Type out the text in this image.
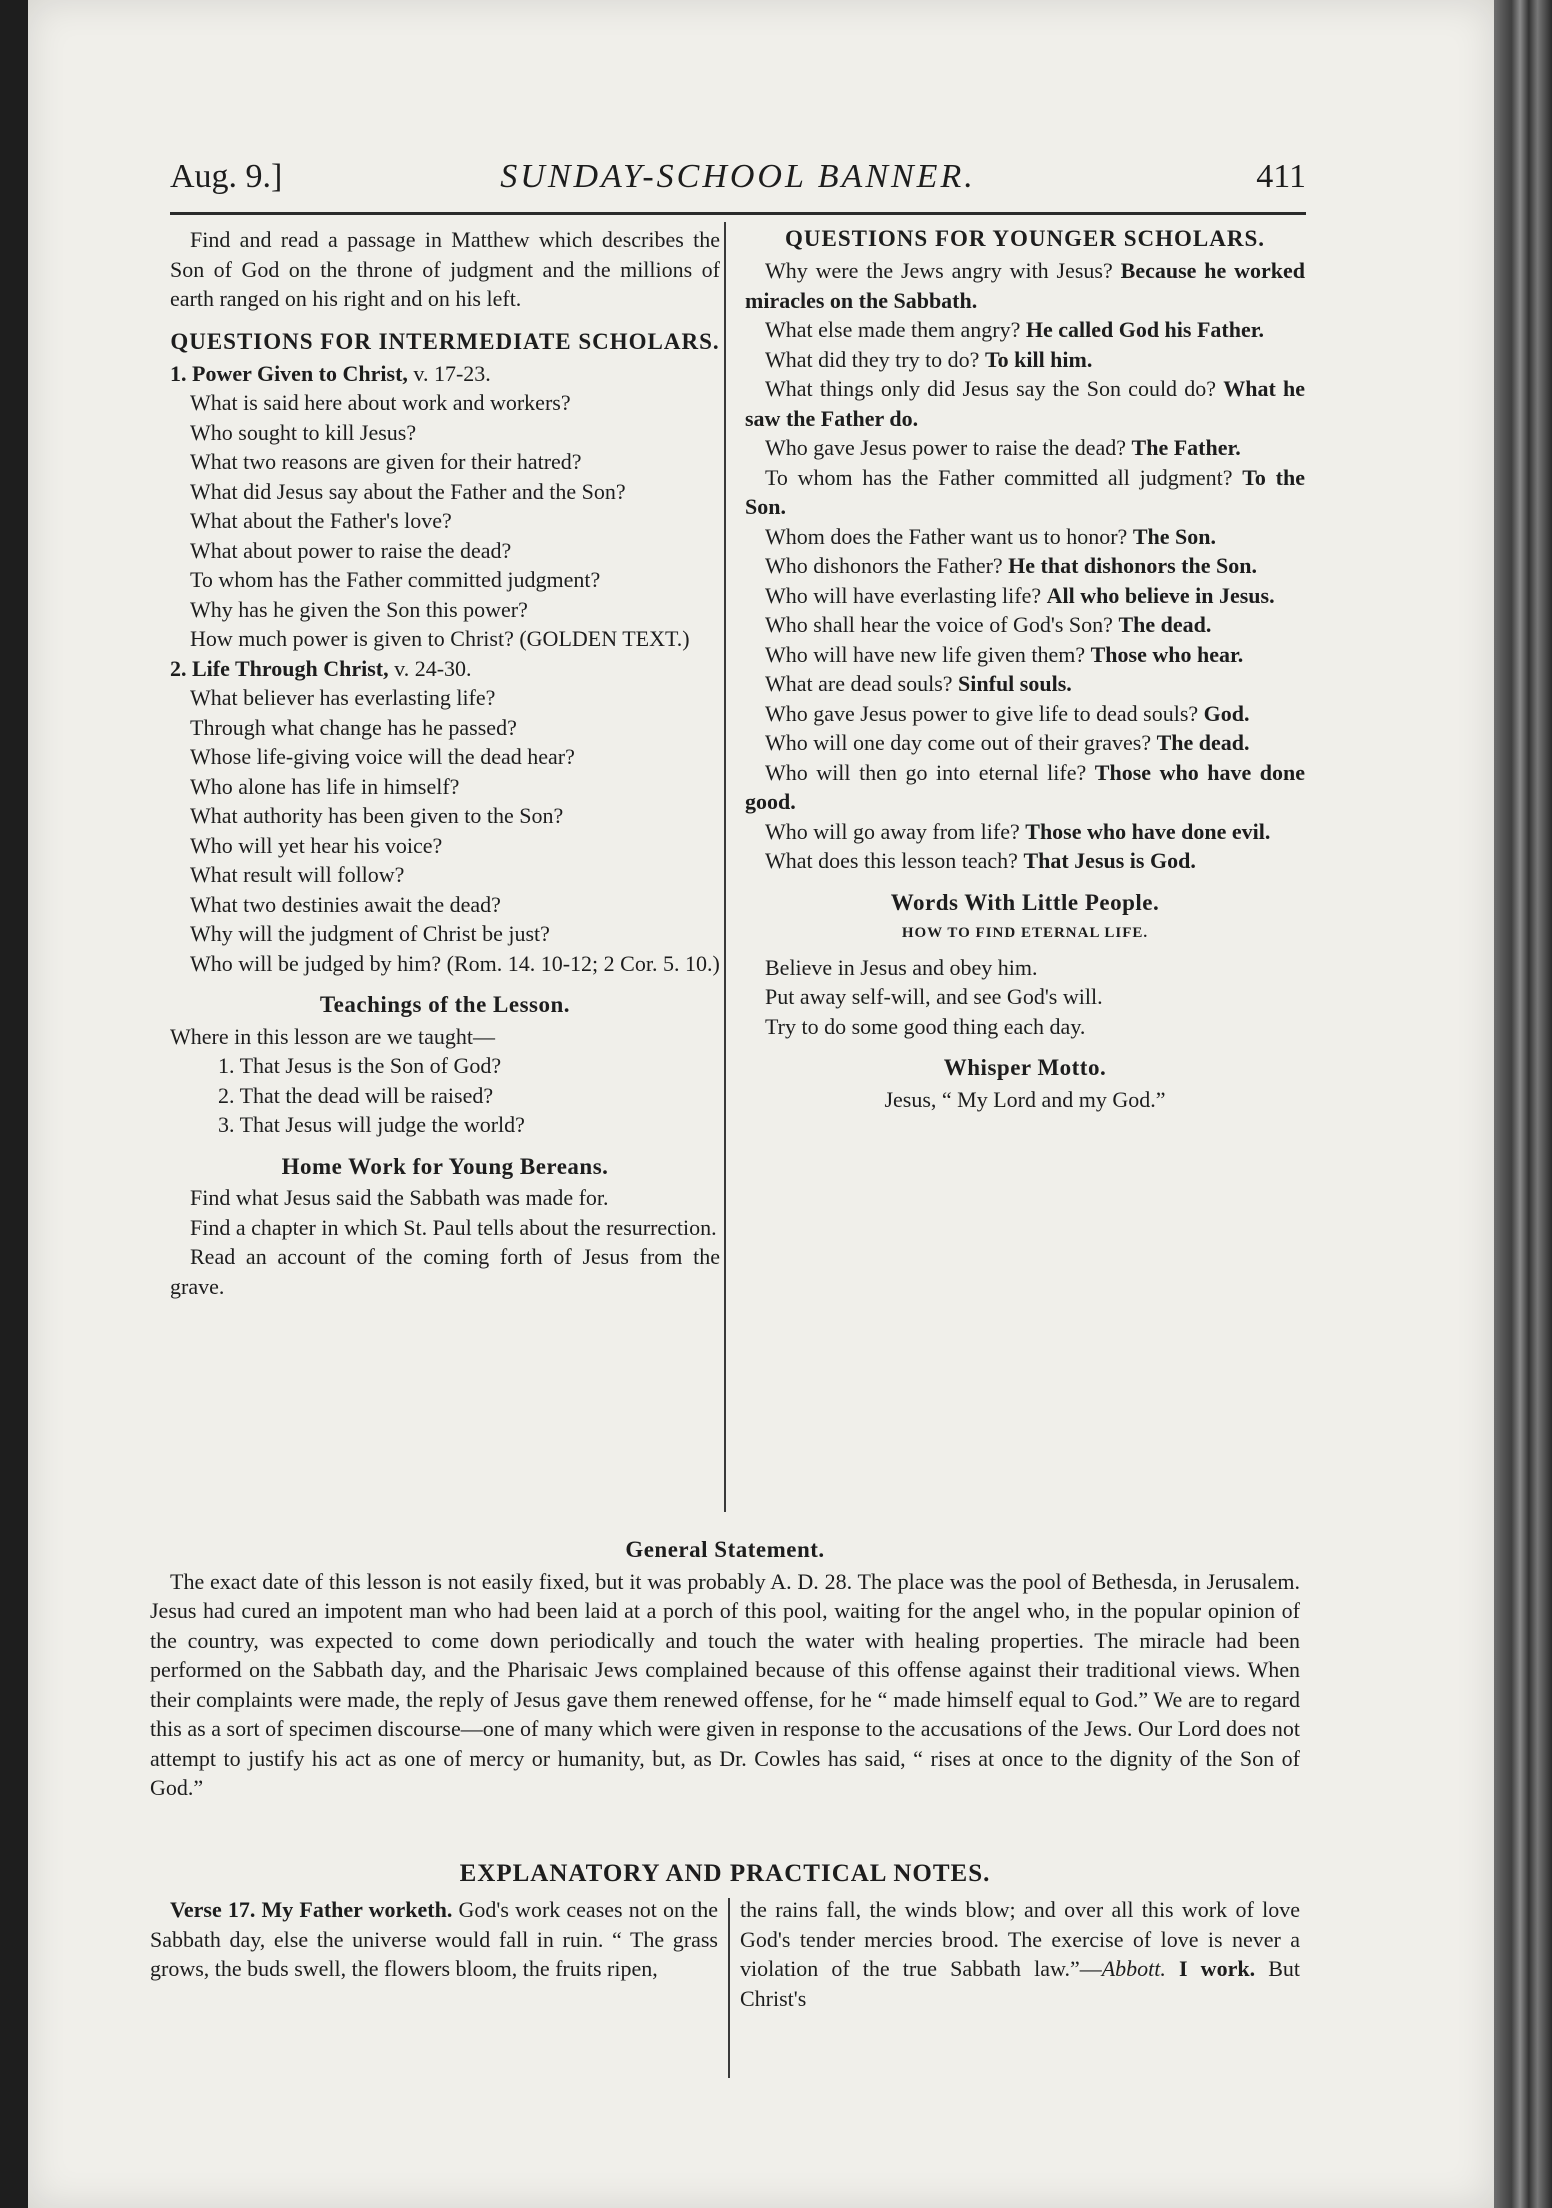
Aug. 9.]	SUNDAY-SCHOOL BANNER.	411

Find and read a passage in Matthew which describes the Son of God on the throne of judgment and the millions of earth ranged on his right and on his left.

QUESTIONS FOR INTERMEDIATE SCHOLARS.

1. Power Given to Christ, v. 17-23.

What is said here about work and workers?

Who sought to kill Jesus?

What two reasons are given for their hatred?

What did Jesus say about the Father and the Son?

What about the Father's love?

What about power to raise the dead?

To whom has the Father committed judgment?

Why has he given the Son this power?

How much power is given to Christ? (GOLDEN TEXT.)

2. Life Through Christ, v. 24-30.

What believer has everlasting life?

Through what change has he passed?

Whose life-giving voice will the dead hear?

Who alone has life in himself?

What authority has been given to the Son?

Who will yet hear his voice?

What result will follow?

What two destinies await the dead?

Why will the judgment of Christ be just?

Who will be judged by him? (Rom. 14. 10-12; 2 Cor. 5. 10.)

Teachings of the Lesson.

Where in this lesson are we taught—

1. That Jesus is the Son of God?

2. That the dead will be raised?

3. That Jesus will judge the world?

Home Work for Young Bereans.

Find what Jesus said the Sabbath was made for.

Find a chapter in which St. Paul tells about the resurrection.

Read an account of the coming forth of Jesus from the grave.

QUESTIONS FOR YOUNGER SCHOLARS.

Why were the Jews angry with Jesus? Because he worked miracles on the Sabbath.

What else made them angry? He called God his Father.

What did they try to do? To kill him.

What things only did Jesus say the Son could do? What he saw the Father do.

Who gave Jesus power to raise the dead? The Father.

To whom has the Father committed all judgment? To the Son.

Whom does the Father want us to honor? The Son.

Who dishonors the Father? He that dishonors the Son.

Who will have everlasting life? All who believe in Jesus.

Who shall hear the voice of God's Son? The dead.

Who will have new life given them? Those who hear.

What are dead souls? Sinful souls.

Who gave Jesus power to give life to dead souls? God.

Who will one day come out of their graves? The dead.

Who will then go into eternal life? Those who have done good.

Who will go away from life? Those who have done evil.

What does this lesson teach? That Jesus is God.

Words With Little People.
HOW TO FIND ETERNAL LIFE.

Believe in Jesus and obey him.

Put away self-will, and see God's will.

Try to do some good thing each day.

Whisper Motto.

Jesus, “ My Lord and my God.”

General Statement.

The exact date of this lesson is not easily fixed, but it was probably A. D. 28. The place was the pool of Bethesda, in Jerusalem. Jesus had cured an impotent man who had been laid at a porch of this pool, waiting for the angel who, in the popular opinion of the country, was expected to come down periodically and touch the water with healing properties. The miracle had been performed on the Sabbath day, and the Pharisaic Jews complained because of this offense against their traditional views. When their complaints were made, the reply of Jesus gave them renewed offense, for he “ made himself equal to God.” We are to regard this as a sort of specimen discourse—one of many which were given in response to the accusations of the Jews. Our Lord does not attempt to justify his act as one of mercy or humanity, but, as Dr. Cowles has said, “ rises at once to the dignity of the Son of God.”

EXPLANATORY AND PRACTICAL NOTES.

Verse 17. My Father worketh. God's work ceases not on the Sabbath day, else the universe would fall in ruin. “ The grass grows, the buds swell, the flowers bloom, the fruits ripen,

the rains fall, the winds blow; and over all this work of love God's tender mercies brood. The exercise of love is never a violation of the true Sabbath law.”—Abbott. I work. But Christ's
